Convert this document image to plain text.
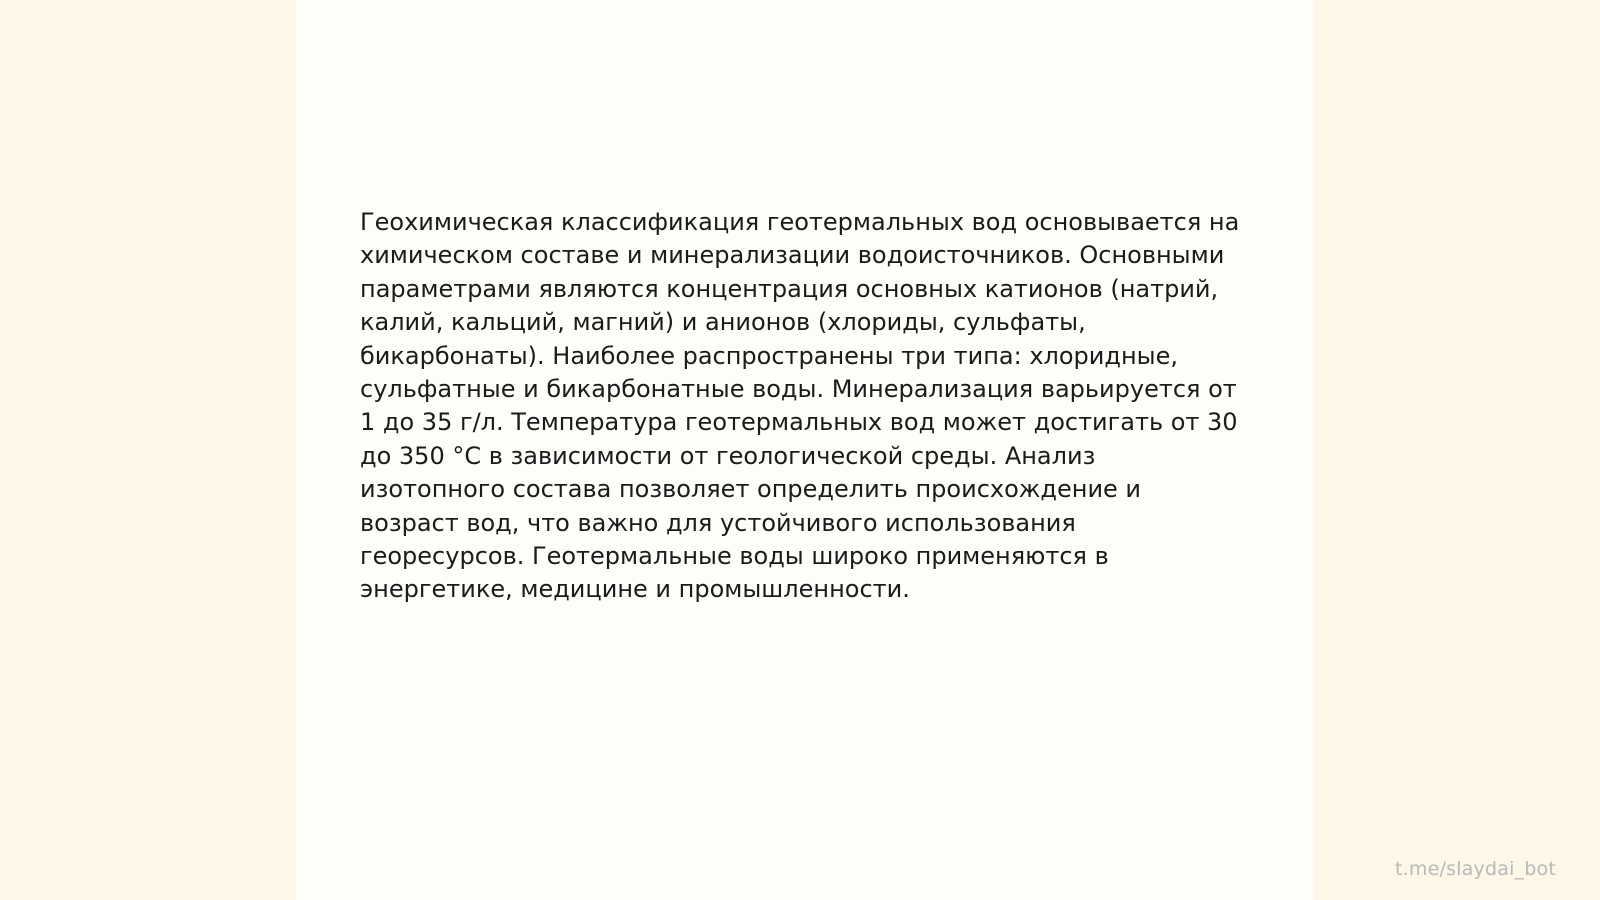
Геохимическая классификация геотермальных вод основывается на химическом составе и минерализации водоисточников. Основными параметрами являются концентрация основных катионов (натрий, калий, кальций, магний) и анионов (хлориды, сульфаты, бикарбонаты). Наиболее распространены три типа: хлоридные, сульфатные и бикарбонатные воды. Минерализация варьируется от 1 до 35 г/л. Температура геотермальных вод может достигать от 30 до 350 °С в зависимости от геологической среды. Анализ изотопного состава позволяет определить происхождение и возраст вод, что важно для устойчивого использования георесурсов. Геотермальные воды широко применяются в энергетике, медицине и промышленности.

t.me/slaydai_bot
